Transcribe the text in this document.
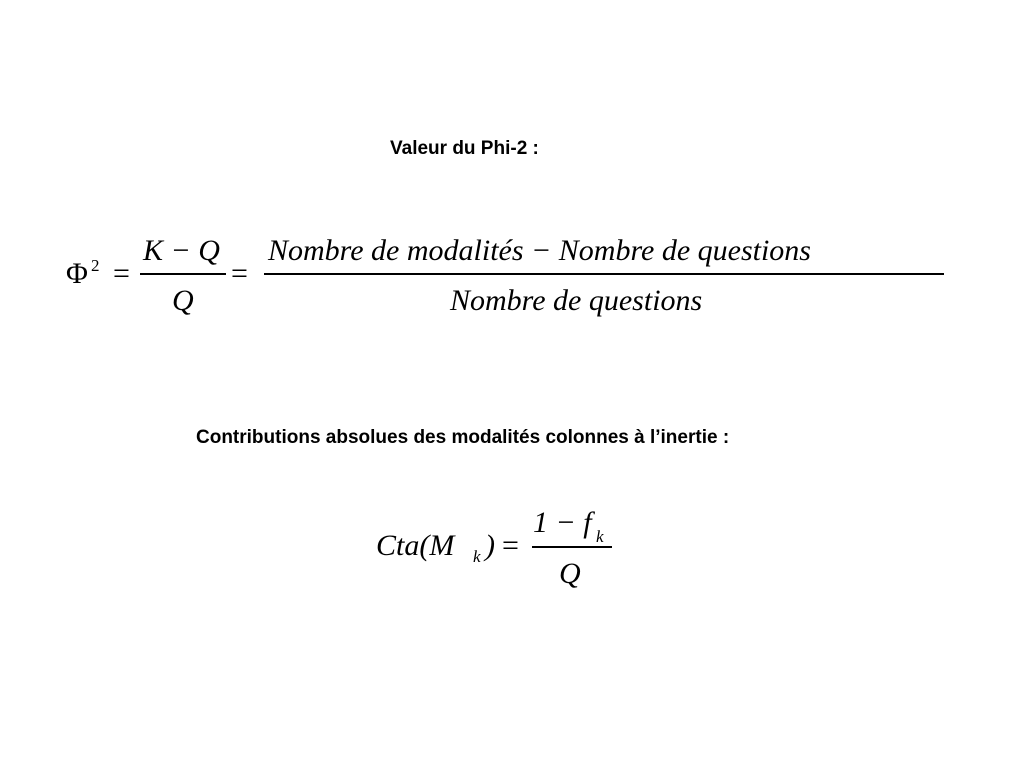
Valeur du Phi-2 :
Φ 2 =
K − Q
Q
=
Nombre de modalités − Nombre de questions
Nombre de questions
Contributions absolues des modalités colonnes à l’inertie :
Cta(M k ) =
1 − f k
Q
